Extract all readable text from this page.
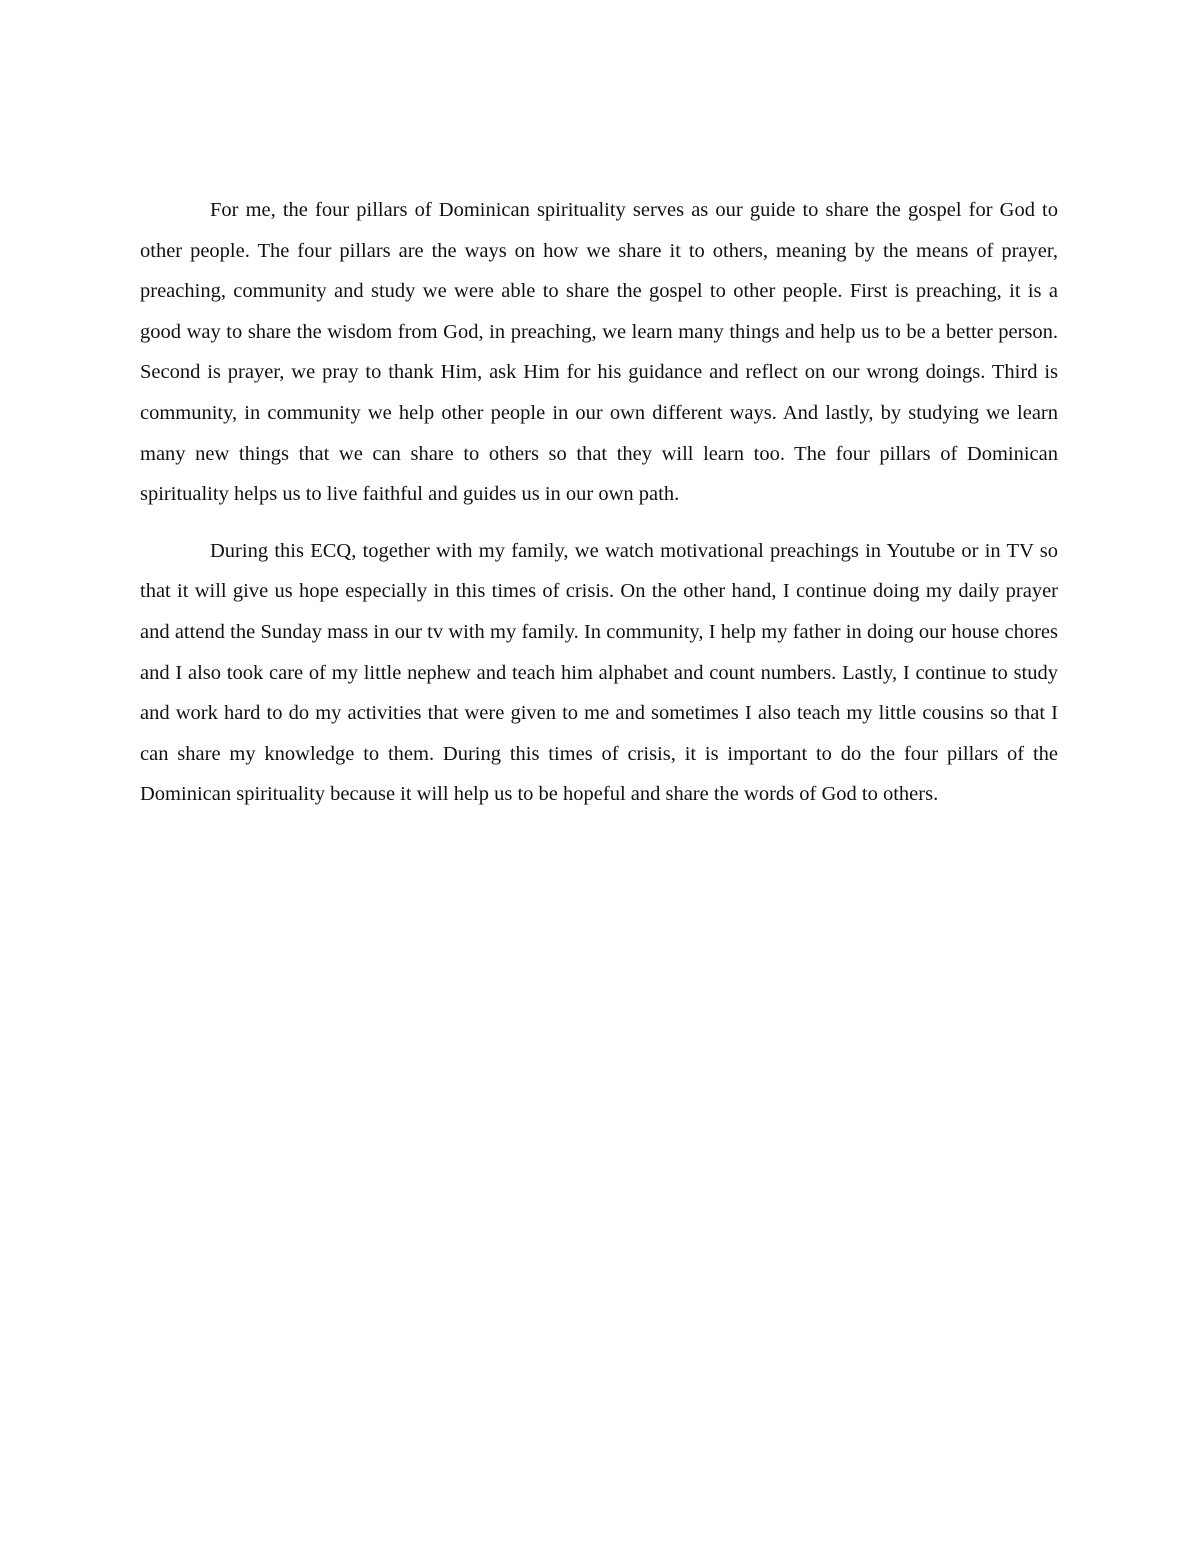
For me, the four pillars of Dominican spirituality serves as our guide to share the gospel for God to other people. The four pillars are the ways on how we share it to others, meaning by the means of prayer, preaching, community and study we were able to share the gospel to other people. First is preaching, it is a good way to share the wisdom from God, in preaching, we learn many things and help us to be a better person. Second is prayer, we pray to thank Him, ask Him for his guidance and reflect on our wrong doings. Third is community, in community we help other people in our own different ways. And lastly, by studying we learn many new things that we can share to others so that they will learn too. The four pillars of Dominican spirituality helps us to live faithful and guides us in our own path.

During this ECQ, together with my family, we watch motivational preachings in Youtube or in TV so that it will give us hope especially in this times of crisis. On the other hand, I continue doing my daily prayer and attend the Sunday mass in our tv with my family. In community, I help my father in doing our house chores and I also took care of my little nephew and teach him alphabet and count numbers. Lastly, I continue to study and work hard to do my activities that were given to me and sometimes I also teach my little cousins so that I can share my knowledge to them. During this times of crisis, it is important to do the four pillars of the Dominican spirituality because it will help us to be hopeful and share the words of God to others.
